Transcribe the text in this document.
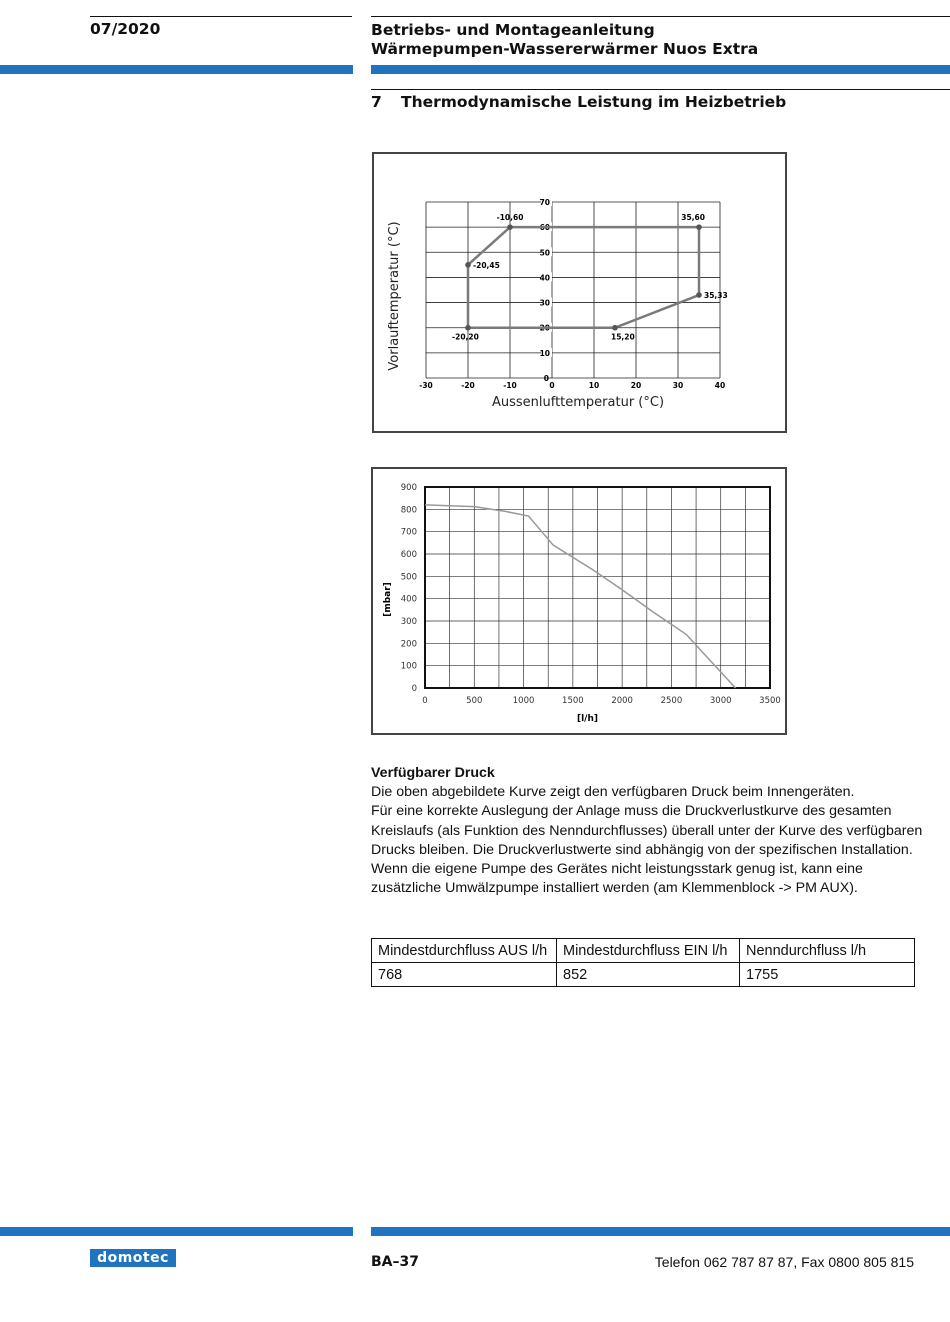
07/2020	Betriebs- und Montageanleitung
Wärmepumpen-Wassererwärmer Nuos Extra
7 Thermodynamische Leistung im Heizbetrieb
-30	-20	-10	0	10	20	30	40
0
10
20
30
40
50
60
70
-10,60	35,60
-20,45
35,33
-20,20	15,20
Aussenlufttemperatur (°C)
Vorlauftemperatur (°C)
0
100
200
300
400
500
600
700
800
900
0	500	1000	1500	2000	2500	3000	3500
[l/h]
[mbar]
Verfügbarer Druck
Die oben abgebildete Kurve zeigt den verfügbaren Druck beim Innengeräten.
Für eine korrekte Auslegung der Anlage muss die Druckverlustkurve des gesamten
Kreislaufs (als Funktion des Nenndurchflusses) überall unter der Kurve des verfügbaren
Drucks bleiben. Die Druckverlustwerte sind abhängig von der spezifischen Installation.
Wenn die eigene Pumpe des Gerätes nicht leistungsstark genug ist, kann eine
zusätzliche Umwälzpumpe installiert werden (am Klemmenblock -> PM AUX).
Mindestdurchfluss AUS l/h	Mindestdurchfluss EIN l/h	Nenndurchfluss l/h
768	852	1755
domotec	BA–37	Telefon 062 787 87 87, Fax 0800 805 815
